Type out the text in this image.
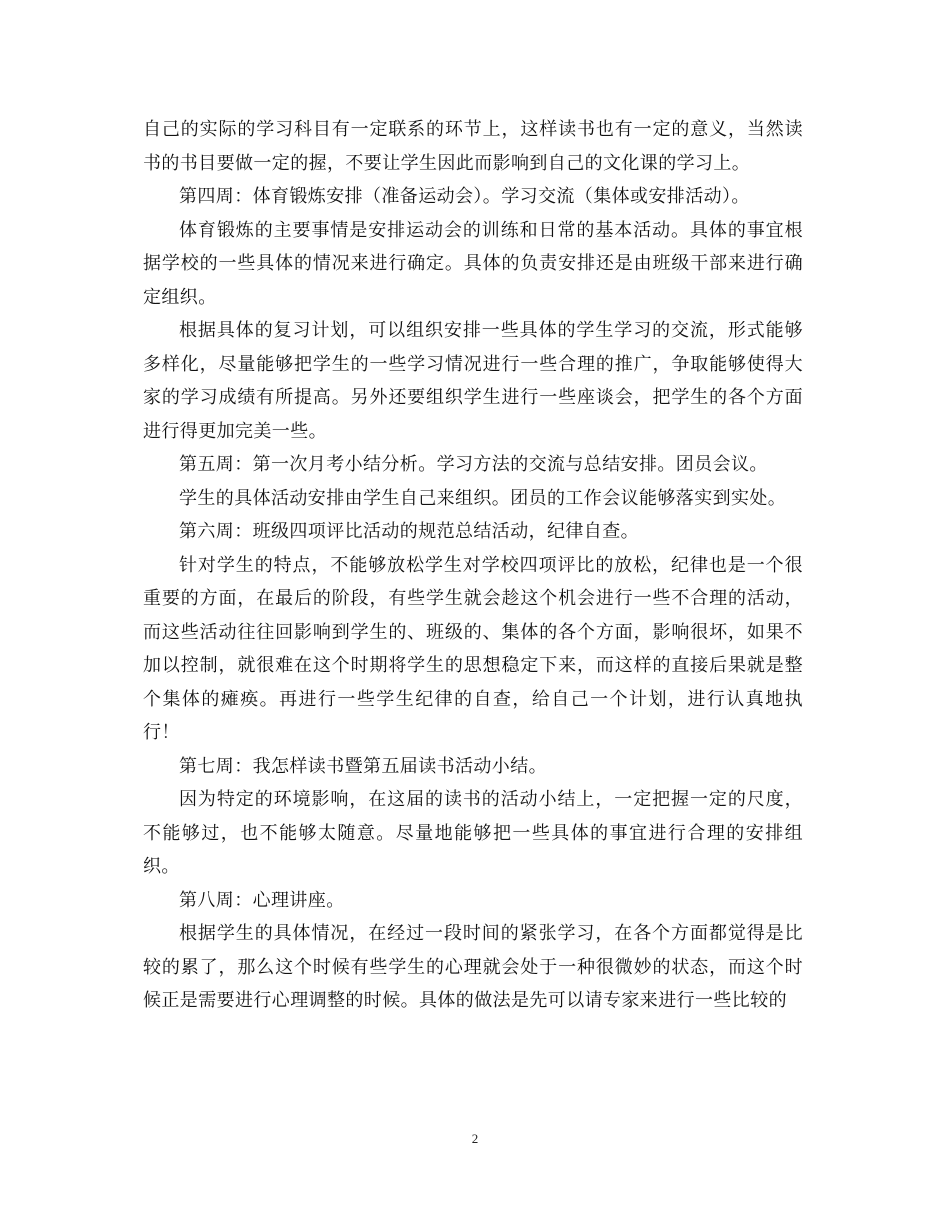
自己的实际的学习科目有一定联系的环节上，这样读书也有一定的意义，当然读书的书目要做一定的握，不要让学生因此而影响到自己的文化课的学习上。

第四周：体育锻炼安排（准备运动会）。学习交流（集体或安排活动）。

体育锻炼的主要事情是安排运动会的训练和日常的基本活动。具体的事宜根据学校的一些具体的情况来进行确定。具体的负责安排还是由班级干部来进行确定组织。

根据具体的复习计划，可以组织安排一些具体的学生学习的交流，形式能够多样化，尽量能够把学生的一些学习情况进行一些合理的推广，争取能够使得大家的学习成绩有所提高。另外还要组织学生进行一些座谈会，把学生的各个方面进行得更加完美一些。

第五周：第一次月考小结分析。学习方法的交流与总结安排。团员会议。

学生的具体活动安排由学生自己来组织。团员的工作会议能够落实到实处。

第六周：班级四项评比活动的规范总结活动，纪律自查。

针对学生的特点，不能够放松学生对学校四项评比的放松，纪律也是一个很重要的方面，在最后的阶段，有些学生就会趁这个机会进行一些不合理的活动，而这些活动往往回影响到学生的、班级的、集体的各个方面，影响很坏，如果不加以控制，就很难在这个时期将学生的思想稳定下来，而这样的直接后果就是整个集体的瘫痪。再进行一些学生纪律的自查，给自己一个计划，进行认真地执行！

第七周：我怎样读书暨第五届读书活动小结。

因为特定的环境影响，在这届的读书的活动小结上，一定把握一定的尺度，不能够过，也不能够太随意。尽量地能够把一些具体的事宜进行合理的安排组织。

第八周：心理讲座。

根据学生的具体情况，在经过一段时间的紧张学习，在各个方面都觉得是比较的累了，那么这个时候有些学生的心理就会处于一种很微妙的状态，而这个时候正是需要进行心理调整的时候。具体的做法是先可以请专家来进行一些比较的

2
